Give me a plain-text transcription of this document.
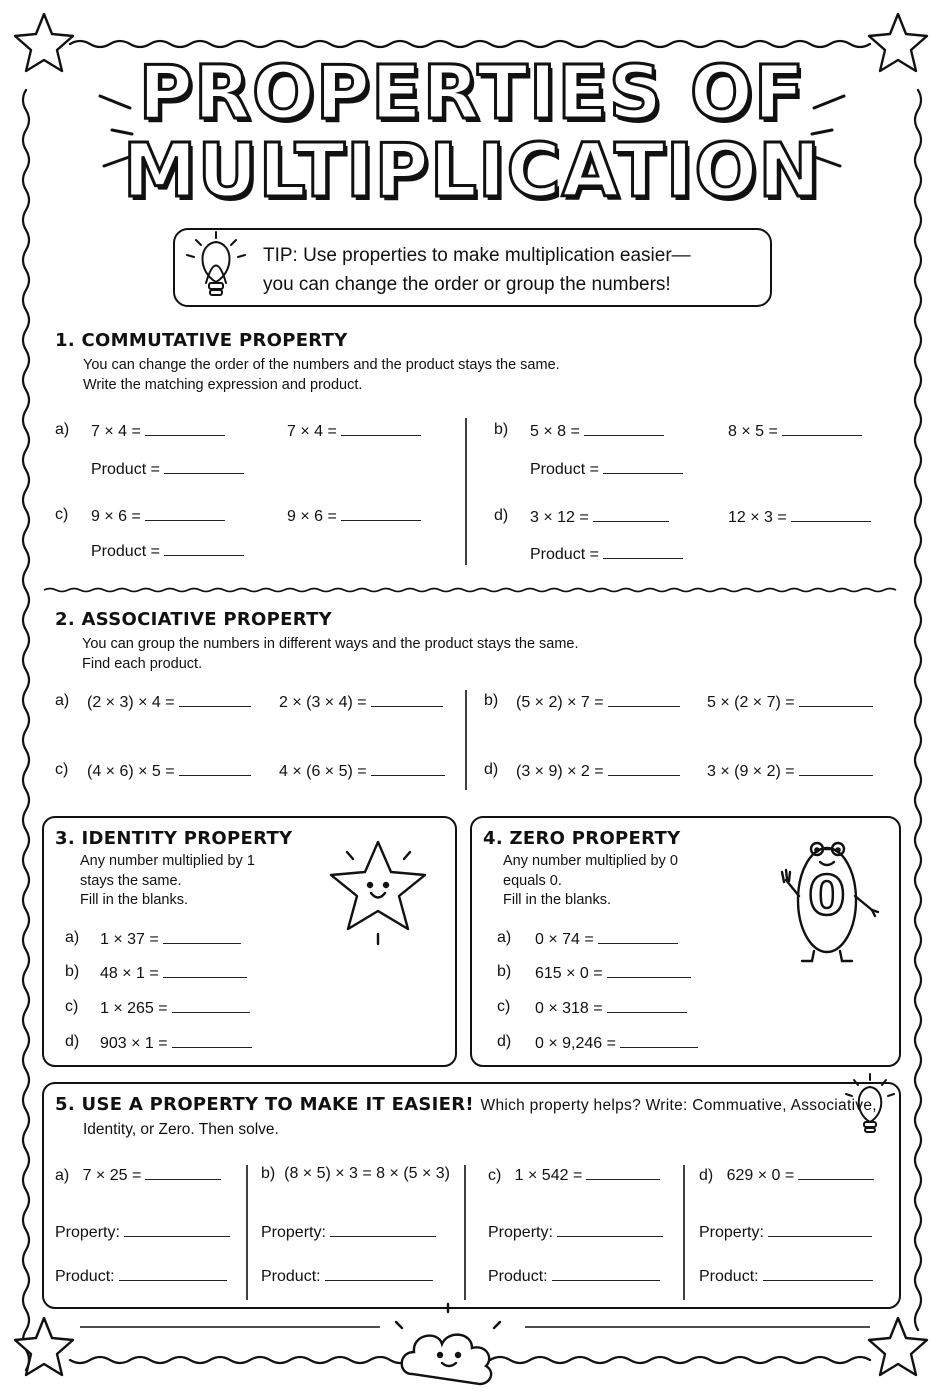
PROPERTIES OF
MULTIPLICATION
TIP: Use properties to make multiplication easier—
you can change the order or group the numbers!
1. COMMUTATIVE PROPERTY
You can change the order of the numbers and the product stays the same.
Write the matching expression and product.
a) 7 × 4 =	7 × 4 =
Product =
b) 5 × 8 =	8 × 5 =
Product =
c) 9 × 6 =	9 × 6 =
Product =
d) 3 × 12 =	12 × 3 =
Product =
2. ASSOCIATIVE PROPERTY
You can group the numbers in different ways and the product stays the same.
Find each product.
a) (2 × 3) × 4 =	2 × (3 × 4) =	b) (5 × 2) × 7 =	5 × (2 × 7) =
c) (4 × 6) × 5 =	4 × (6 × 5) =	d) (3 × 9) × 2 =	3 × (9 × 2) =
3. IDENTITY PROPERTY
Any number multiplied by 1
stays the same.
Fill in the blanks.
a) 1 × 37 =
b) 48 × 1 =
c) 1 × 265 =
d) 903 × 1 =
4. ZERO PROPERTY
Any number multiplied by 0
equals 0.
Fill in the blanks.	0
a) 0 × 74 =
b) 615 × 0 =
c) 0 × 318 =
d) 0 × 9,246 =
5. USE A PROPERTY TO MAKE IT EASIER! Which property helps? Write: Commuative, Associative,
Identity, or Zero. Then solve.
a) 7 × 25 =
Property:
Product:
b) (8 × 5) × 3 = 8 × (5 × 3)
Property:
Product:
c) 1 × 542 =
Property:
Product:
d) 629 × 0 =
Property:
Product:
